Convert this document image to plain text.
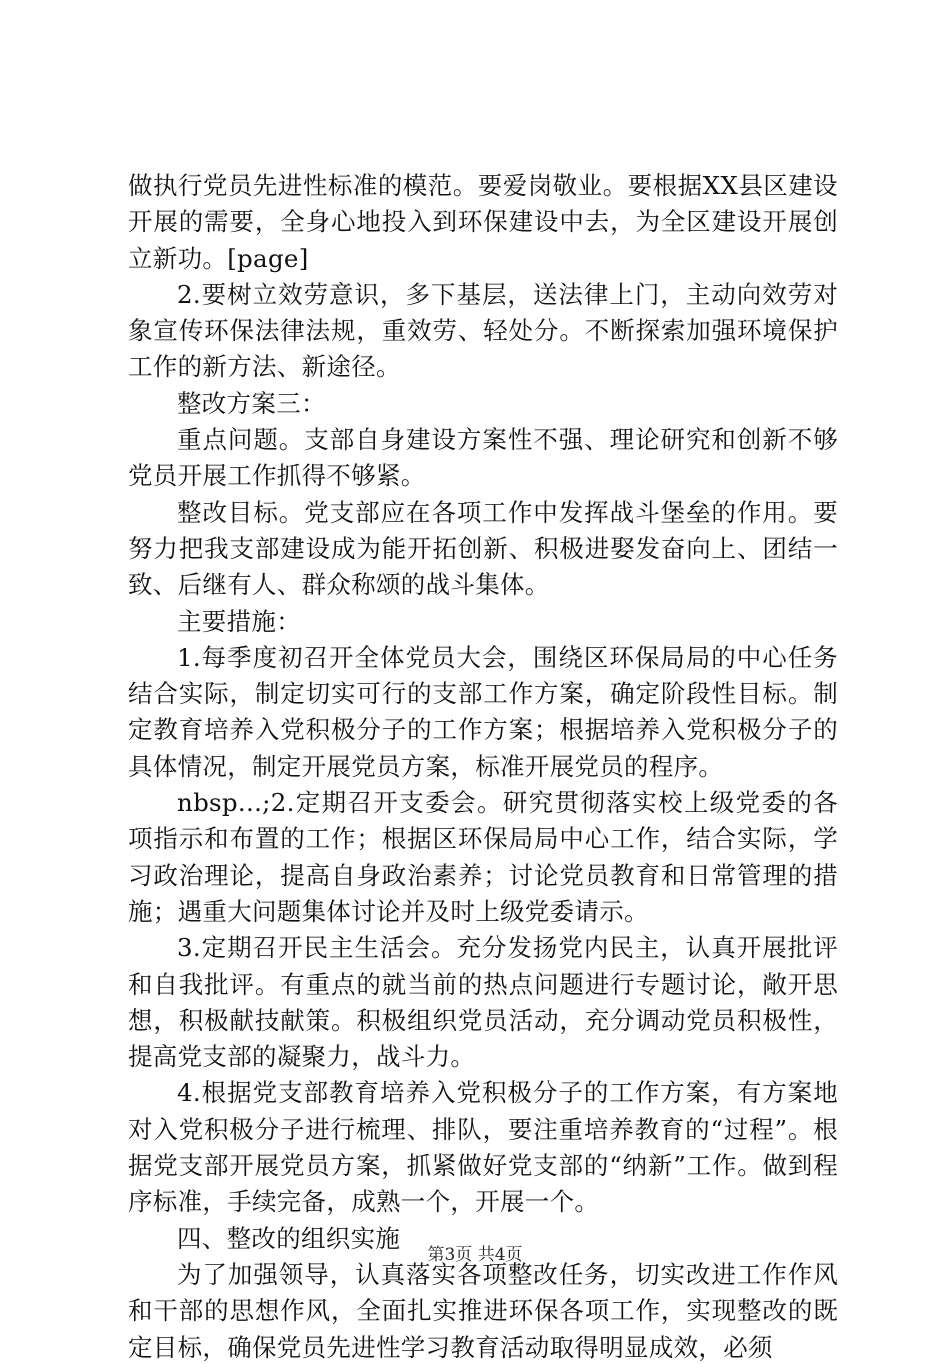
做执行党员先进性标准的模范。要爱岗敬业。要根据XX县区建设开展的需要，全身心地投入到环保建设中去，为全区建设开展创立新功。[page]

2.要树立效劳意识，多下基层，送法律上门，主动向效劳对象宣传环保法律法规，重效劳、轻处分。不断探索加强环境保护工作的新方法、新途径。

整改方案三：

重点问题。支部自身建设方案性不强、理论研究和创新不够党员开展工作抓得不够紧。

整改目标。党支部应在各项工作中发挥战斗堡垒的作用。要努力把我支部建设成为能开拓创新、积极进娶发奋向上、团结一致、后继有人、群众称颂的战斗集体。

主要措施：

1.每季度初召开全体党员大会，围绕区环保局局的中心任务结合实际，制定切实可行的支部工作方案，确定阶段性目标。制定教育培养入党积极分子的工作方案；根据培养入党积极分子的具体情况，制定开展党员方案，标准开展党员的程序。

nbsp...;2.定期召开支委会。研究贯彻落实校上级党委的各项指示和布置的工作；根据区环保局局中心工作，结合实际，学习政治理论，提高自身政治素养；讨论党员教育和日常管理的措施；遇重大问题集体讨论并及时上级党委请示。

3.定期召开民主生活会。充分发扬党内民主，认真开展批评和自我批评。有重点的就当前的热点问题进行专题讨论，敞开思想，积极献技献策。积极组织党员活动，充分调动党员积极性，提高党支部的凝聚力，战斗力。

4.根据党支部教育培养入党积极分子的工作方案，有方案地对入党积极分子进行梳理、排队，要注重培养教育的“过程”。根据党支部开展党员方案，抓紧做好党支部的“纳新”工作。做到程序标准，手续完备，成熟一个，开展一个。

四、整改的组织实施

为了加强领导，认真落实各项整改任务，切实改进工作作风和干部的思想作风，全面扎实推进环保各项工作，实现整改的既定目标，确保党员先进性学习教育活动取得明显成效，必须

第3页 共4页
